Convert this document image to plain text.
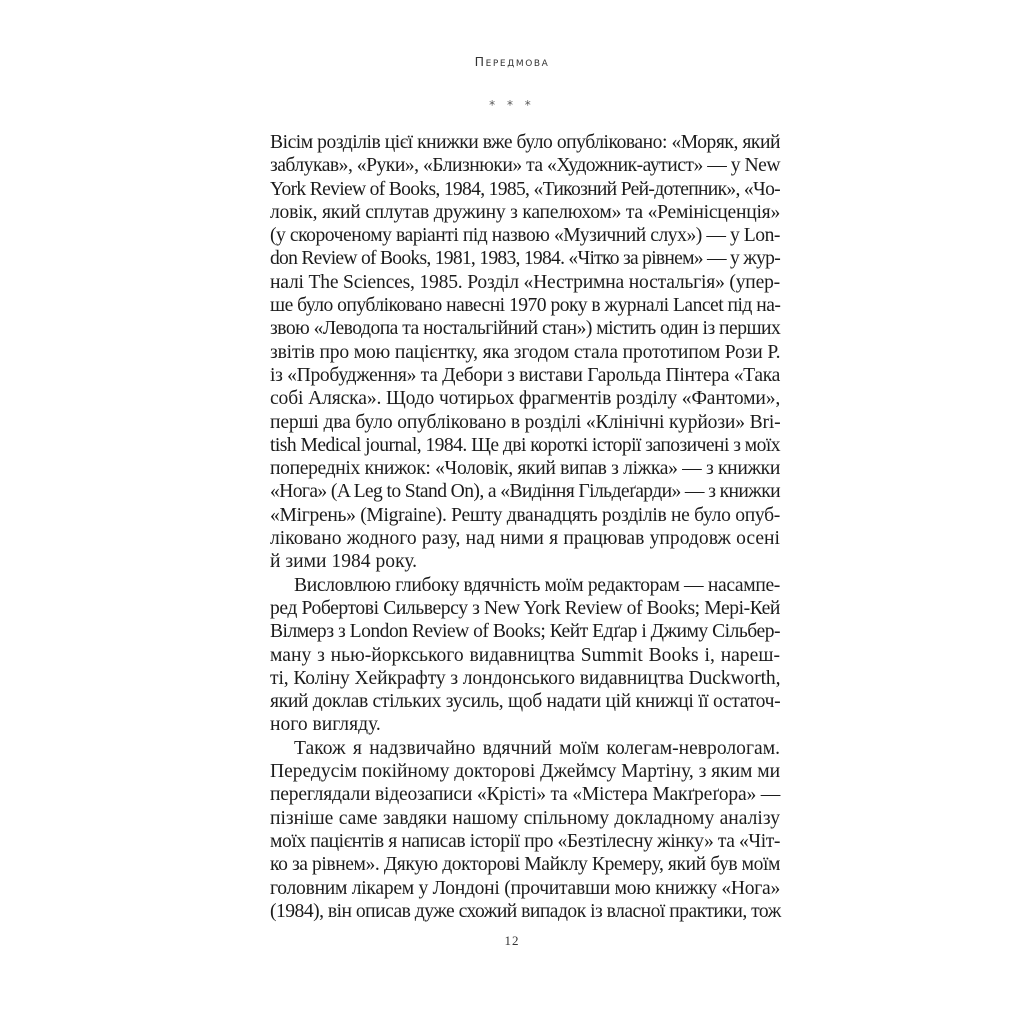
Передмова
* * *

Вісім розділів цієї книжки вже було опубліковано: «Моряк, який
заблукав», «Руки», «Близнюки» та «Художник-аутист» — у New
York Review of Books, 1984, 1985, «Тикозний Рей-дотепник», «Чо-
ловік, який сплутав дружину з капелюхом» та «Ремінісценція»
(у скороченому варіанті під назвою «Музичний слух») — у Lon-
don Review of Books, 1981, 1983, 1984. «Чітко за рівнем» — у жур-
налі The Sciences, 1985. Розділ «Нестримна ностальгія» (упер-
ше було опубліковано навесні 1970 року в журналі Lancet під на-
звою «Леводопа та ностальгійний стан») містить один із перших
звітів про мою пацієнтку, яка згодом стала прототипом Рози Р.
із «Пробудження» та Дебори з вистави Гарольда Пінтера «Така
собі Аляска». Щодо чотирьох фрагментів розділу «Фантоми»,
перші два було опубліковано в розділі «Клінічні курйози» Bri-
tish Medical journal, 1984. Ще дві короткі історії запозичені з моїх
попередніх книжок: «Чоловік, який випав з ліжка» — з книжки
«Нога» (A Leg to Stand On), а «Видіння Гільдеґарди» — з книжки
«Мігрень» (Migraine). Решту дванадцять розділів не було опуб-
ліковано жодного разу, над ними я працював упродовж осені
й зими 1984 року.

Висловлюю глибоку вдячність моїм редакторам — насампе-
ред Робертові Сильверсу з New York Review of Books; Мері-Кей
Вілмерз з London Review of Books; Кейт Едґар і Джиму Сільбер-
ману з нью-йоркського видавництва Summit Books і, нареш-
ті, Коліну Хейкрафту з лондонського видавництва Duckworth,
який доклав стільких зусиль, щоб надати цій книжці її остаточ-
ного вигляду.

Також я надзвичайно вдячний моїм колегам-неврологам.
Передусім покійному докторові Джеймсу Мартіну, з яким ми
переглядали відеозаписи «Крісті» та «Містера Макґреґора» —
пізніше саме завдяки нашому спільному докладному аналізу
моїх пацієнтів я написав історії про «Безтілесну жінку» та «Чіт-
ко за рівнем». Дякую докторові Майклу Кремеру, який був моїм
головним лікарем у Лондоні (прочитавши мою книжку «Нога»
(1984), він описав дуже схожий випадок із власної практики, тож

12
